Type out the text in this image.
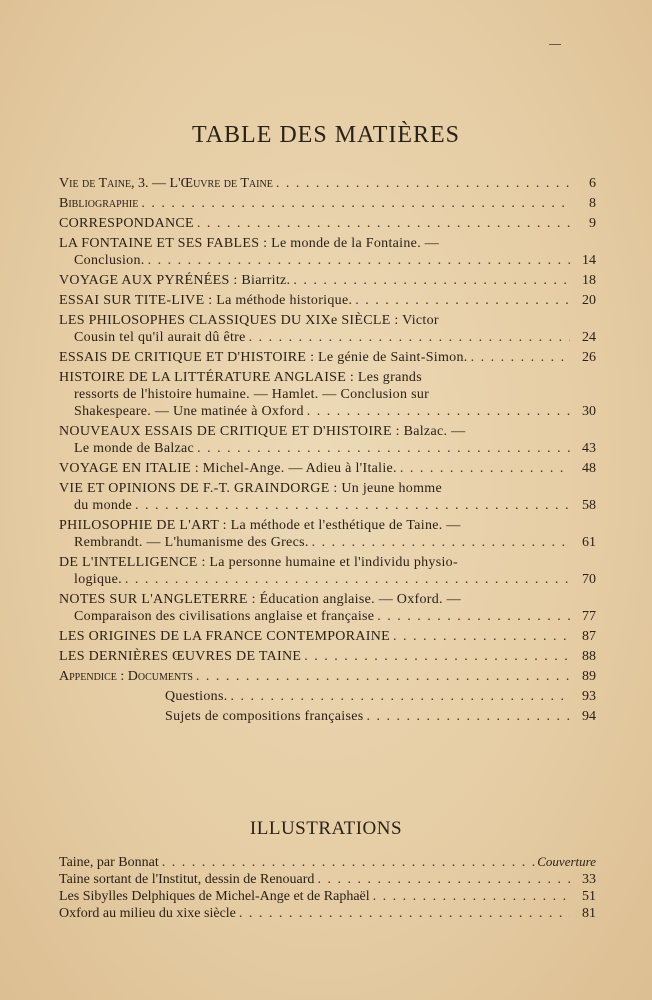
TABLE DES MATIÈRES
Vie de Taine, 3. — L'Œuvre de Taine . . .	6
Bibliographie . . .	8
CORRESPONDANCE . . .	9
LA FONTAINE ET SES FABLES : Le monde de la Fontaine. —
Conclusion. . . .	14
VOYAGE AUX PYRÉNÉES : Biarritz. . . .	18
ESSAI SUR TITE-LIVE : La méthode historique. . . .	20
LES PHILOSOPHES CLASSIQUES DU XIXe SIÈCLE : Victor
Cousin tel qu'il aurait dû être . . .	24
ESSAIS DE CRITIQUE ET D'HISTOIRE : Le génie de Saint-Simon. . . .	26
HISTOIRE DE LA LITTÉRATURE ANGLAISE : Les grands
ressorts de l'histoire humaine. — Hamlet. — Conclusion sur
Shakespeare. — Une matinée à Oxford . . .	30
NOUVEAUX ESSAIS DE CRITIQUE ET D'HISTOIRE : Balzac. —
Le monde de Balzac . . .	43
VOYAGE EN ITALIE : Michel-Ange. — Adieu à l'Italie. . . .	48
VIE ET OPINIONS DE F.-T. GRAINDORGE : Un jeune homme
du monde . . .	58
PHILOSOPHIE DE L'ART : La méthode et l'esthétique de Taine. —
Rembrandt. — L'humanisme des Grecs. . . .	61
DE L'INTELLIGENCE : La personne humaine et l'individu physio-
logique. . . .	70
NOTES SUR L'ANGLETERRE : Éducation anglaise. — Oxford. —
Comparaison des civilisations anglaise et française . . .	77
LES ORIGINES DE LA FRANCE CONTEMPORAINE . . .	87
LES DERNIÈRES ŒUVRES DE TAINE . . .	88
Appendice : Documents . . .	89
Questions. . . .	93
Sujets de compositions françaises . . .	94
ILLUSTRATIONS
Taine, par Bonnat . . .	Couverture
Taine sortant de l'Institut, dessin de Renouard . . .	33
Les Sibylles Delphiques de Michel-Ange et de Raphaël . . .	51
Oxford au milieu du xixe siècle . . .	81
